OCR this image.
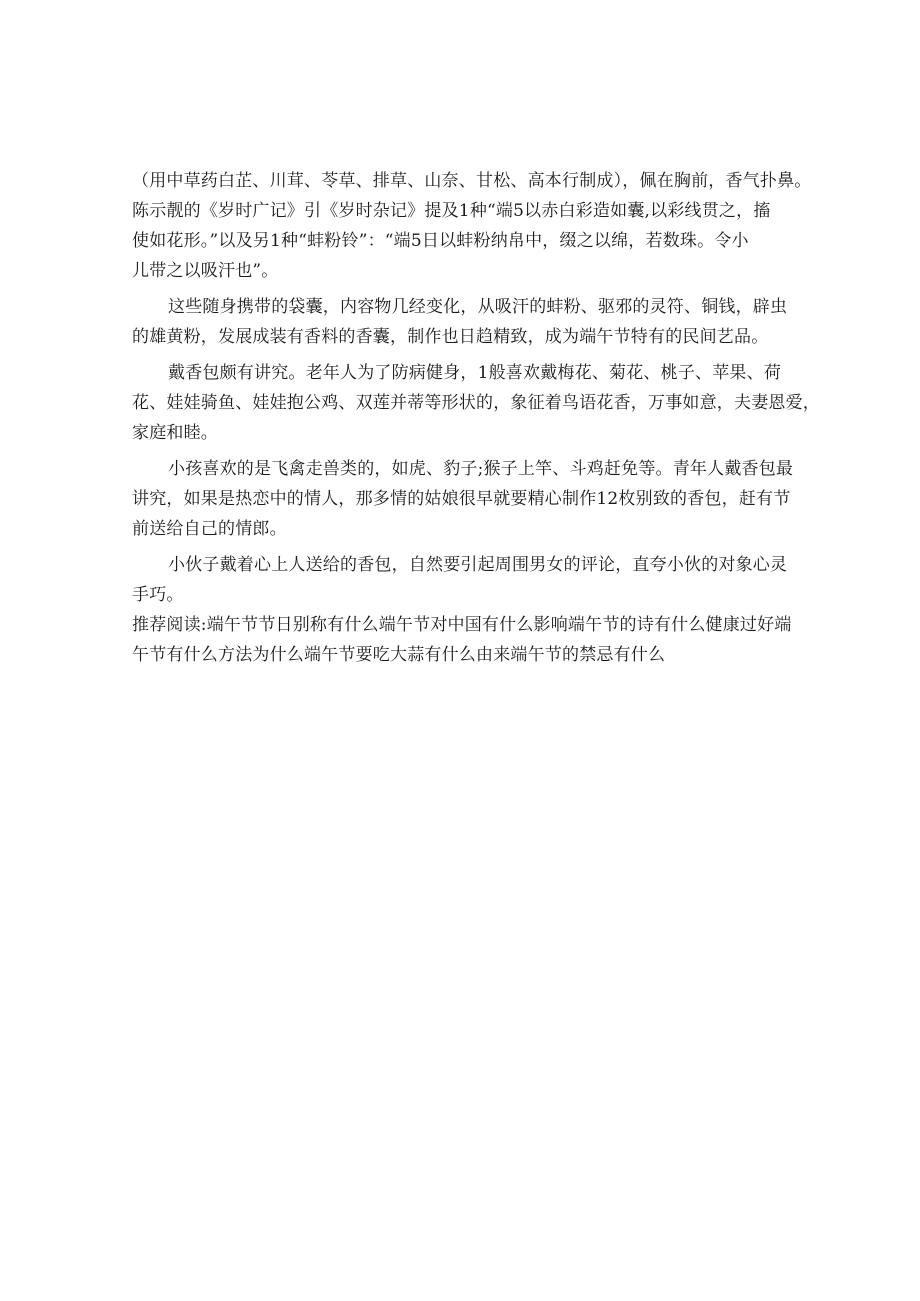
（用中草药白芷、川茸、苓草、排草、山奈、甘松、高本行制成），佩在胸前，香气扑鼻。
陈示靓的《岁时广记》引《岁时杂记》提及1种“端5以赤白彩造如囊,以彩线贯之，搐
使如花形。”以及另1种“蚌粉铃”：“端5日以蚌粉纳帛中，缀之以绵，若数珠。令小
儿带之以吸汗也”。
这些随身携带的袋囊，内容物几经变化，从吸汗的蚌粉、驱邪的灵符、铜钱，辟虫
的雄黄粉，发展成装有香料的香囊，制作也日趋精致，成为端午节特有的民间艺品。
戴香包颇有讲究。老年人为了防病健身，1般喜欢戴梅花、菊花、桃子、苹果、荷
花、娃娃骑鱼、娃娃抱公鸡、双莲并蒂等形状的，象征着鸟语花香，万事如意，夫妻恩爱，
家庭和睦。
小孩喜欢的是飞禽走兽类的，如虎、豹子;猴子上竿、斗鸡赶免等。青年人戴香包最
讲究，如果是热恋中的情人，那多情的姑娘很早就要精心制作12枚别致的香包，赶有节
前送给自己的情郎。
小伙子戴着心上人送给的香包，自然要引起周围男女的评论，直夸小伙的对象心灵
手巧。
推荐阅读:端午节节日别称有什么端午节对中国有什么影响端午节的诗有什么健康过好端
午节有什么方法为什么端午节要吃大蒜有什么由来端午节的禁忌有什么
